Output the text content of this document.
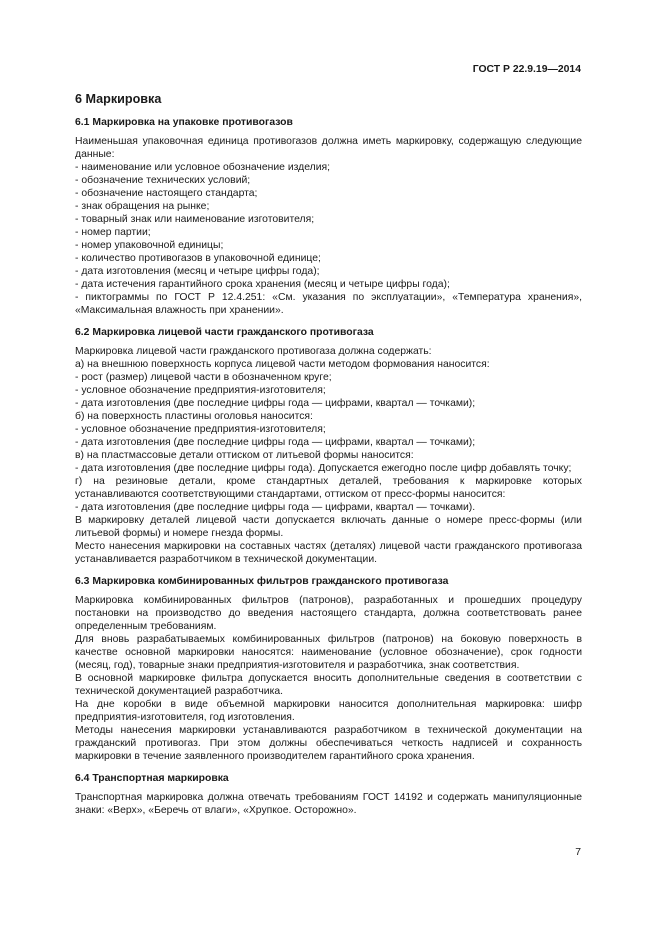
ГОСТ Р 22.9.19—2014
6 Маркировка
6.1 Маркировка на упаковке противогазов

Наименьшая упаковочная единица противогазов должна иметь маркировку, содержащую следующие данные:

- наименование или условное обозначение изделия;

- обозначение технических условий;

- обозначение настоящего стандарта;

- знак обращения на рынке;

- товарный знак или наименование изготовителя;

- номер партии;

- номер упаковочной единицы;

- количество противогазов в упаковочной единице;

- дата изготовления (месяц и четыре цифры года);

- дата истечения гарантийного срока хранения (месяц и четыре цифры года);

- пиктограммы по ГОСТ Р 12.4.251: «См. указания по эксплуатации», «Температура хранения», «Максимальная влажность при хранении».

6.2 Маркировка лицевой части гражданского противогаза

Маркировка лицевой части гражданского противогаза должна содержать:

а) на внешнюю поверхность корпуса лицевой части методом формования наносится:

- рост (размер) лицевой части в обозначенном круге;

- условное обозначение предприятия-изготовителя;

- дата изготовления (две последние цифры года — цифрами, квартал — точками);

б) на поверхность пластины оголовья наносится:

- условное обозначение предприятия-изготовителя;

- дата изготовления (две последние цифры года — цифрами, квартал — точками);

в) на пластмассовые детали оттиском от литьевой формы наносится:

- дата изготовления (две последние цифры года). Допускается ежегодно после цифр добавлять точку;

г) на резиновые детали, кроме стандартных деталей, требования к маркировке которых устанавливаются соответствующими стандартами, оттиском от пресс-формы наносится:

- дата изготовления (две последние цифры года — цифрами, квартал — точками).

В маркировку деталей лицевой части допускается включать данные о номере пресс-формы (или литьевой формы) и номере гнезда формы.

Место нанесения маркировки на составных частях (деталях) лицевой части гражданского противогаза устанавливается разработчиком в технической документации.

6.3 Маркировка комбинированных фильтров гражданского противогаза

Маркировка комбинированных фильтров (патронов), разработанных и прошедших процедуру постановки на производство до введения настоящего стандарта, должна соответствовать ранее определенным требованиям.

Для вновь разрабатываемых комбинированных фильтров (патронов) на боковую поверхность в качестве основной маркировки наносятся: наименование (условное обозначение), срок годности (месяц, год), товарные знаки предприятия-изготовителя и разработчика, знак соответствия.

В основной маркировке фильтра допускается вносить дополнительные сведения в соответствии с технической документацией разработчика.

На дне коробки в виде объемной маркировки наносится дополнительная маркировка: шифр предприятия-изготовителя, год изготовления.

Методы нанесения маркировки устанавливаются разработчиком в технической документации на гражданский противогаз. При этом должны обеспечиваться четкость надписей и сохранность маркировки в течение заявленного производителем гарантийного срока хранения.

6.4 Транспортная маркировка

Транспортная маркировка должна отвечать требованиям ГОСТ 14192 и содержать манипуляционные знаки: «Верх», «Беречь от влаги», «Хрупкое. Осторожно».

7
